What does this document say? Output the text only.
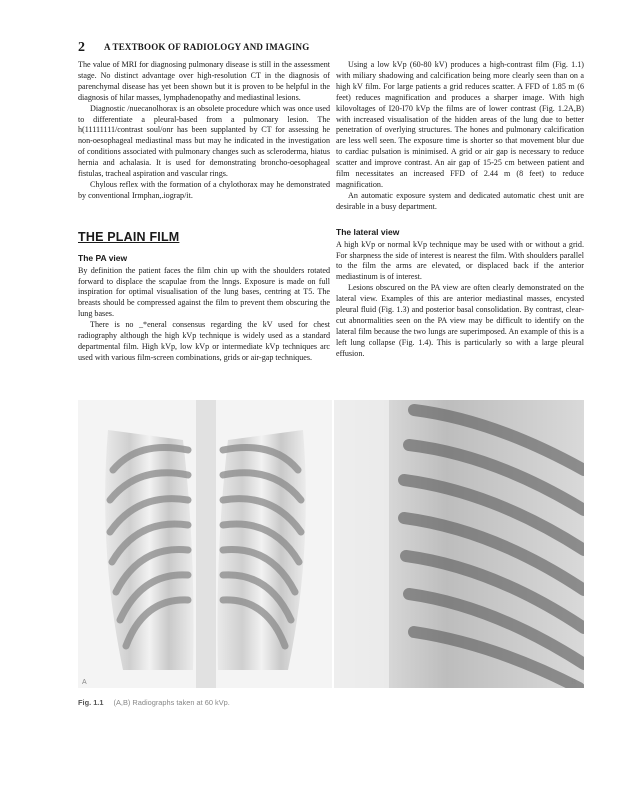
2 A TEXTBOOK OF RADIOLOGY AND IMAGING

The value of MRI for diagnosing pulmonary disease is still in the assessment stage. No distinct advantage over high-resolution CT in the diagnosis of parenchymal disease has yet been shown but it is proven to be helpful in the diagnosis of hilar masses, lymphadenopathy and mediastinal lesions.

Diagnostic /nuecanolhorax is an obsolete procedure which was once used to differentiate a pleural-based from a pulmonary lesion. The h(11111111/contrast soul/onr has been supplanted by CT for assessing he non-oesophageal mediastinal mass but may he indicated in the investigation of conditions associated with pulmonary changes such as scleroderma, hiatus hernia and achalasia. It is used for demonstrating broncho-oesophageal fistulas, tracheal aspiration and vascular rings.

Chylous reflex with the formation of a chylothorax may he demonstrated by conventional Irmphan,.iograp/it.

THE PLAIN FILM
The PA view

By definition the patient faces the film chin up with the shoulders rotated forward to displace the scapulae from the lnngs. Exposure is made on full inspiration for optimal visualisation of the lung bases, centring at T5. The breasts should be compressed against the film to prevent them obscuring the lung bases.

There is no _*eneral consensus regarding the kV used for chest radiography although the high kVp technique is widely used as a standard departmental film. High kVp, low kVp or intermediate kVp techniques arc used with various film-screen combinations, grids or air-gap techniques.

Using a low kVp (60-80 kV) produces a high-contrast film (Fig. 1.1) with miliary shadowing and calcification being more clearly seen than on a high kV film. For large patients a grid reduces scatter. A FFD of 1.85 m (6 feet) reduces magnification and produces a sharper image. With high kilovoltages of I20-I70 kVp the films are of lower contrast (Fig. 1.2A,B) with increased visualisation of the hidden areas of the lung due to better penetration of overlying structures. The hones and pulmonary calcification are less well seen. The exposure time is shorter so that movement blur due to cardiac pulsation is minimised. A grid or air gap is necessary to reduce scatter and improve contrast. An air gap of 15-25 cm between patient and film necessitates an increased FFD of 2.44 m (8 feet) to reduce magnification.

An automatic exposure system and dedicated automatic chest unit are desirable in a busy department.

The lateral view

A high kVp or normal kVp technique may be used with or without a grid. For sharpness the side of interest is nearest the film. With shoulders parallel to the film the arms are elevated, or displaced back if the anterior mediastinum is of interest.

Lesions obscured on the PA view are often clearly demonstrated on the lateral view. Examples of this are anterior mediastinal masses, encysted pleural fluid (Fig. 1.3) and posterior basal consolidation. By contrast, clear-cut abnormalities seen on the PA view may be difficult to identify on the lateral film because the two lungs are superimposed. An example of this is a left lung collapse (Fig. 1.4). This is particularly so with a large pleural effusion.

A	B
Fig. 1.1 (A,B) Radiographs taken at 60 kVp.
